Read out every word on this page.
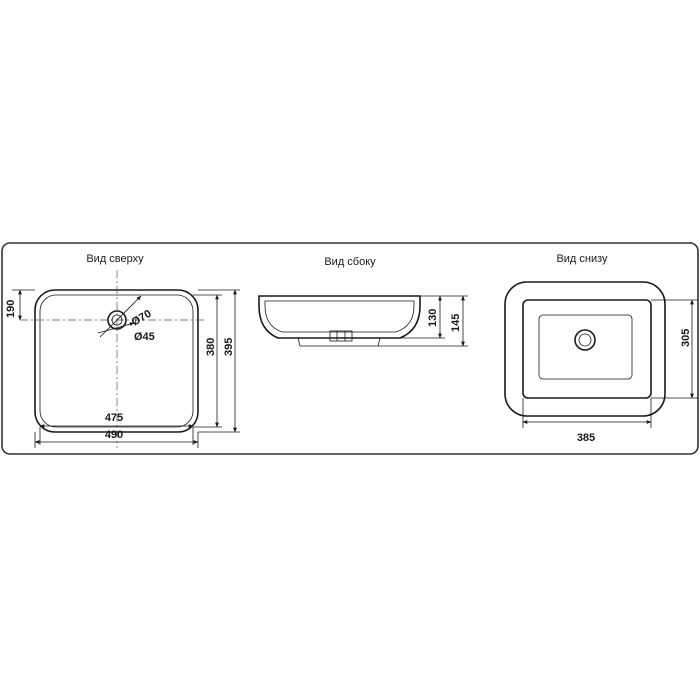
Вид сверху
Ø70
Ø45
190
380 395
475
490
Вид сбоку
130 145
Вид снизу
305
385
